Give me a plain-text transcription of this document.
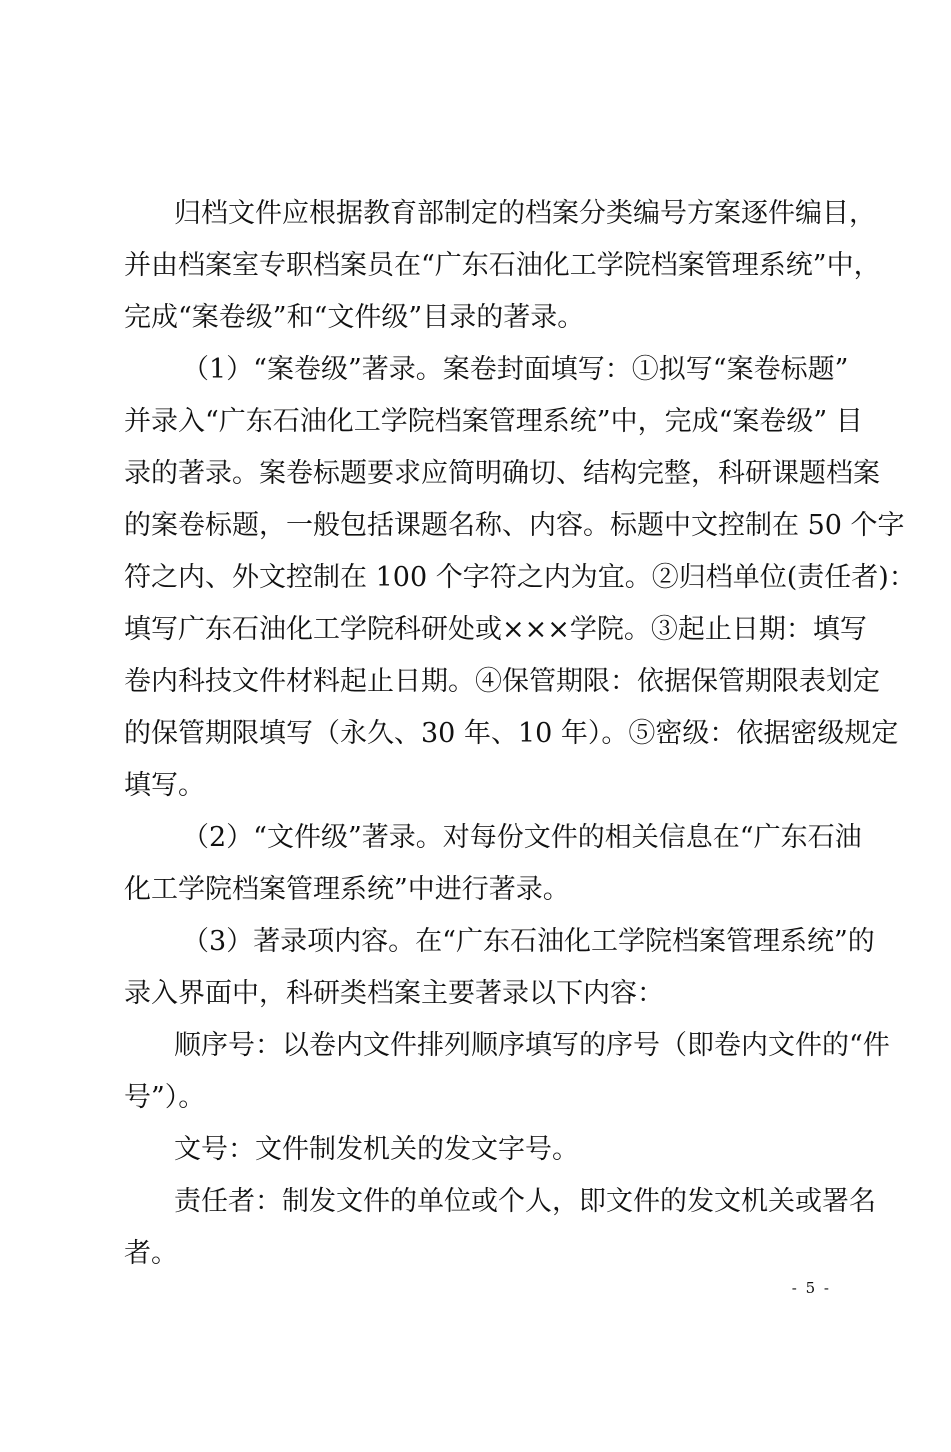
归档文件应根据教育部制定的档案分类编号方案逐件编目，
并由档案室专职档案员在“广东石油化工学院档案管理系统”中，
完成“案卷级”和“文件级”目录的著录。
（1）“案卷级”著录。案卷封面填写：①拟写“案卷标题”
并录入“广东石油化工学院档案管理系统”中，完成“案卷级” 目
录的著录。案卷标题要求应简明确切、结构完整，科研课题档案
的案卷标题，一般包括课题名称、内容。标题中文控制在 50 个字
符之内、外文控制在 100 个字符之内为宜。②归档单位(责任者)：
填写广东石油化工学院科研处或×××学院。③起止日期：填写
卷内科技文件材料起止日期。④保管期限：依据保管期限表划定
的保管期限填写（永久、30 年、10 年）。⑤密级：依据密级规定
填写。
（2）“文件级”著录。对每份文件的相关信息在“广东石油
化工学院档案管理系统”中进行著录。
（3）著录项内容。在“广东石油化工学院档案管理系统”的
录入界面中，科研类档案主要著录以下内容：
顺序号：以卷内文件排列顺序填写的序号（即卷内文件的“件
号”）。
文号：文件制发机关的发文字号。
责任者：制发文件的单位或个人，即文件的发文机关或署名
者。
- 5 -
